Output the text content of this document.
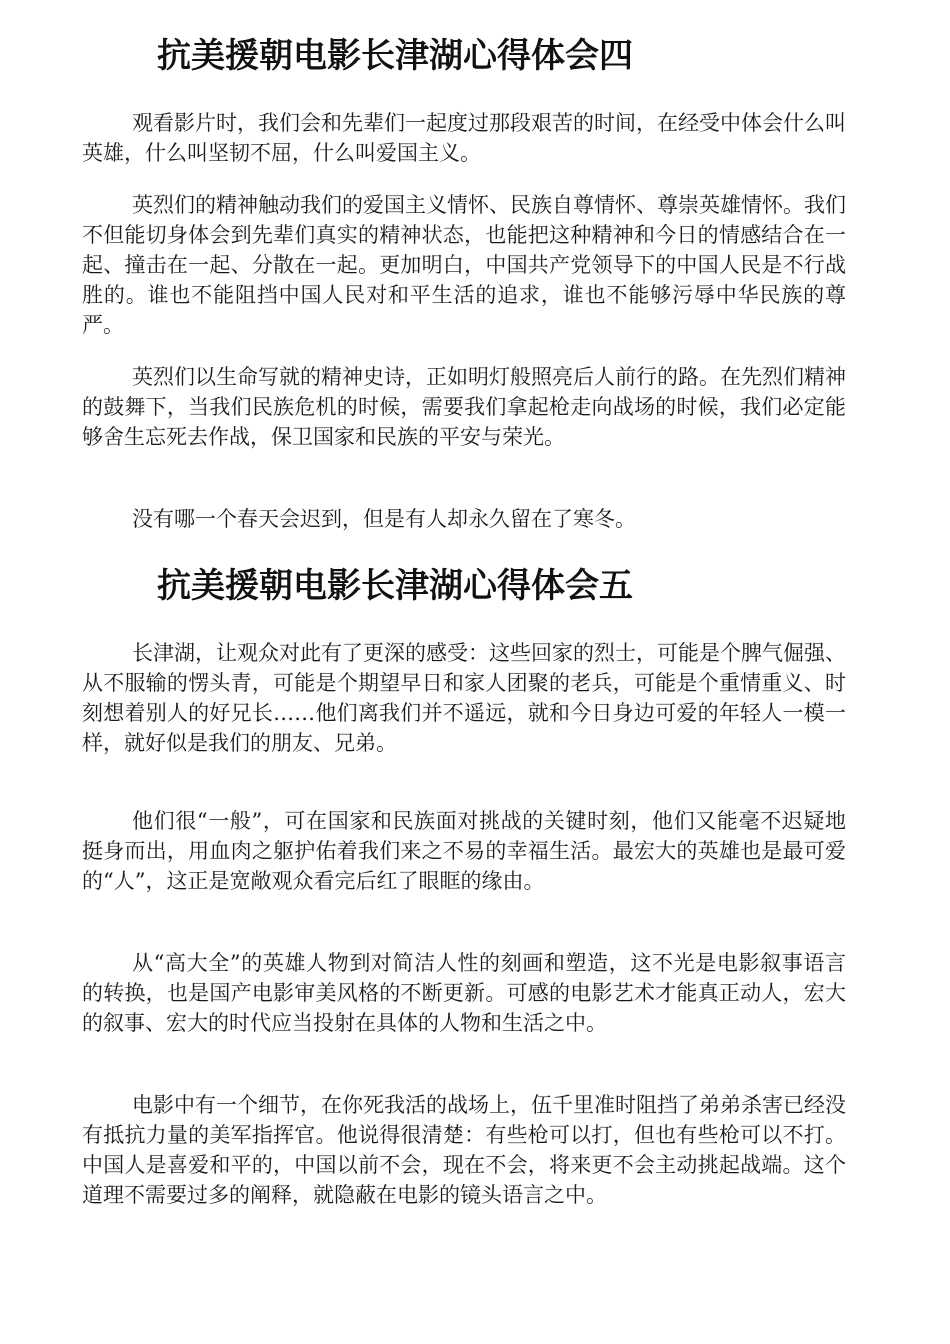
抗美援朝电影长津湖心得体会四

观看影片时，我们会和先辈们一起度过那段艰苦的时间，在经受中体会什么叫英雄，什么叫坚韧不屈，什么叫爱国主义。

英烈们的精神触动我们的爱国主义情怀、民族自尊情怀、尊崇英雄情怀。我们不但能切身体会到先辈们真实的精神状态，也能把这种精神和今日的情感结合在一起、撞击在一起、分散在一起。更加明白，中国共产党领导下的中国人民是不行战胜的。谁也不能阻挡中国人民对和平生活的追求，谁也不能够污辱中华民族的尊严。

英烈们以生命写就的精神史诗，正如明灯般照亮后人前行的路。在先烈们精神的鼓舞下，当我们民族危机的时候，需要我们拿起枪走向战场的时候，我们必定能够舍生忘死去作战，保卫国家和民族的平安与荣光。

没有哪一个春天会迟到，但是有人却永久留在了寒冬。

抗美援朝电影长津湖心得体会五

长津湖，让观众对此有了更深的感受：这些回家的烈士，可能是个脾气倔强、从不服输的愣头青，可能是个期望早日和家人团聚的老兵，可能是个重情重义、时刻想着别人的好兄长……他们离我们并不遥远，就和今日身边可爱的年轻人一模一样，就好似是我们的朋友、兄弟。

他们很“一般”，可在国家和民族面对挑战的关键时刻，他们又能毫不迟疑地挺身而出，用血肉之躯护佑着我们来之不易的幸福生活。最宏大的英雄也是最可爱的“人”，这正是宽敞观众看完后红了眼眶的缘由。

从“高大全”的英雄人物到对简洁人性的刻画和塑造，这不光是电影叙事语言的转换，也是国产电影审美风格的不断更新。可感的电影艺术才能真正动人，宏大的叙事、宏大的时代应当投射在具体的人物和生活之中。

电影中有一个细节，在你死我活的战场上，伍千里准时阻挡了弟弟杀害已经没有抵抗力量的美军指挥官。他说得很清楚：有些枪可以打，但也有些枪可以不打。中国人是喜爱和平的，中国以前不会，现在不会，将来更不会主动挑起战端。这个道理不需要过多的阐释，就隐蔽在电影的镜头语言之中。
